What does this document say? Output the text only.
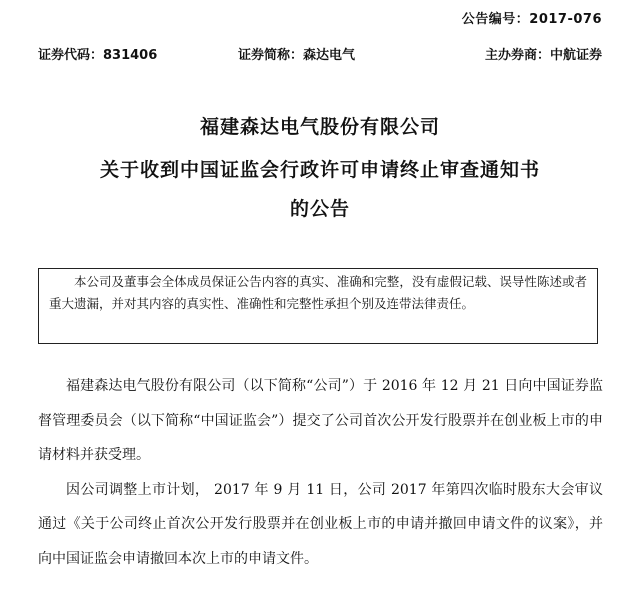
公告编号：2017-076
证券代码：831406	证券简称：森达电气	主办券商：中航证券
福建森达电气股份有限公司
关于收到中国证监会行政许可申请终止审查通知书
的公告
本公司及董事会全体成员保证公告内容的真实、准确和完整，没有虚假记载、误导性陈述或者重大遗漏，并对其内容的真实性、准确性和完整性承担个别及连带法律责任。

福建森达电气股份有限公司（以下简称“公司”）于 2016 年 12 月 21 日向中国证券监督管理委员会（以下简称“中国证监会”）提交了公司首次公开发行股票并在创业板上市的申请材料并获受理。

因公司调整上市计划， 2017 年 9 月 11 日，公司 2017 年第四次临时股东大会审议通过《关于公司终止首次公开发行股票并在创业板上市的申请并撤回申请文件的议案》，并向中国证监会申请撤回本次上市的申请文件。
